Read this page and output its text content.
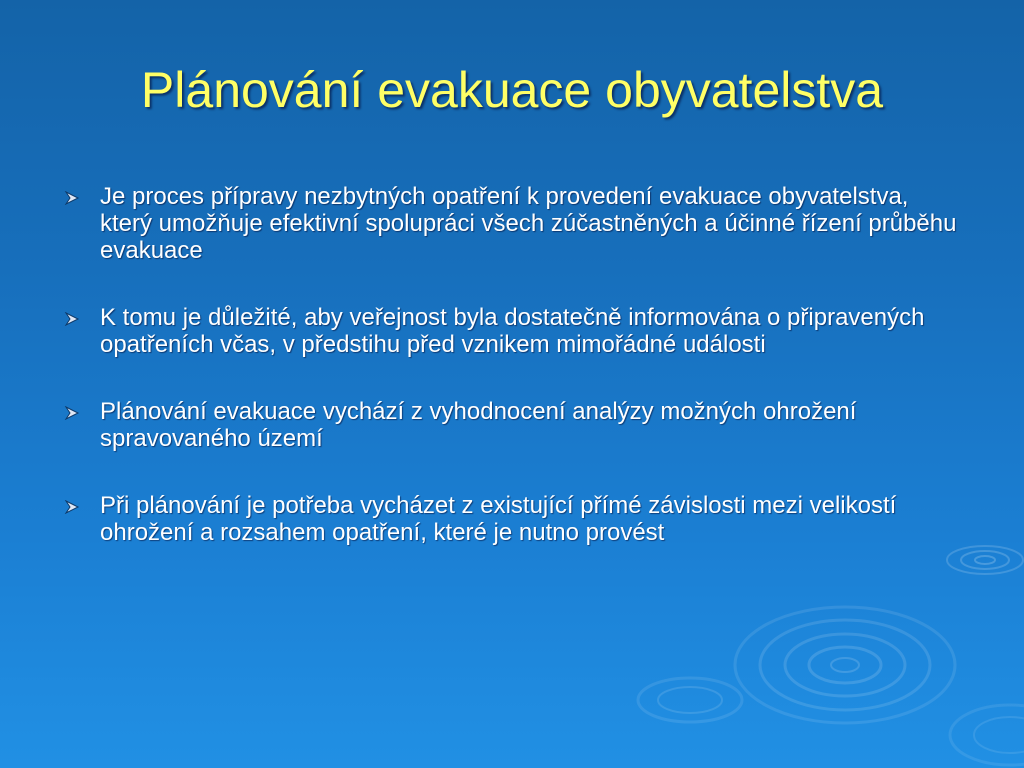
Plánování evakuace obyvatelstva
Je proces přípravy nezbytných opatření k provedení evakuace obyvatelstva, který umožňuje efektivní spolupráci všech zúčastněných a účinné řízení průběhu evakuace
K tomu je důležité, aby veřejnost byla dostatečně informována o připravených opatřeních včas, v předstihu před vznikem mimořádné události
Plánování evakuace vychází z vyhodnocení analýzy možných ohrožení spravovaného území
Při plánování je potřeba vycházet z existující přímé závislosti mezi velikostí ohrožení a rozsahem opatření, které je nutno provést
